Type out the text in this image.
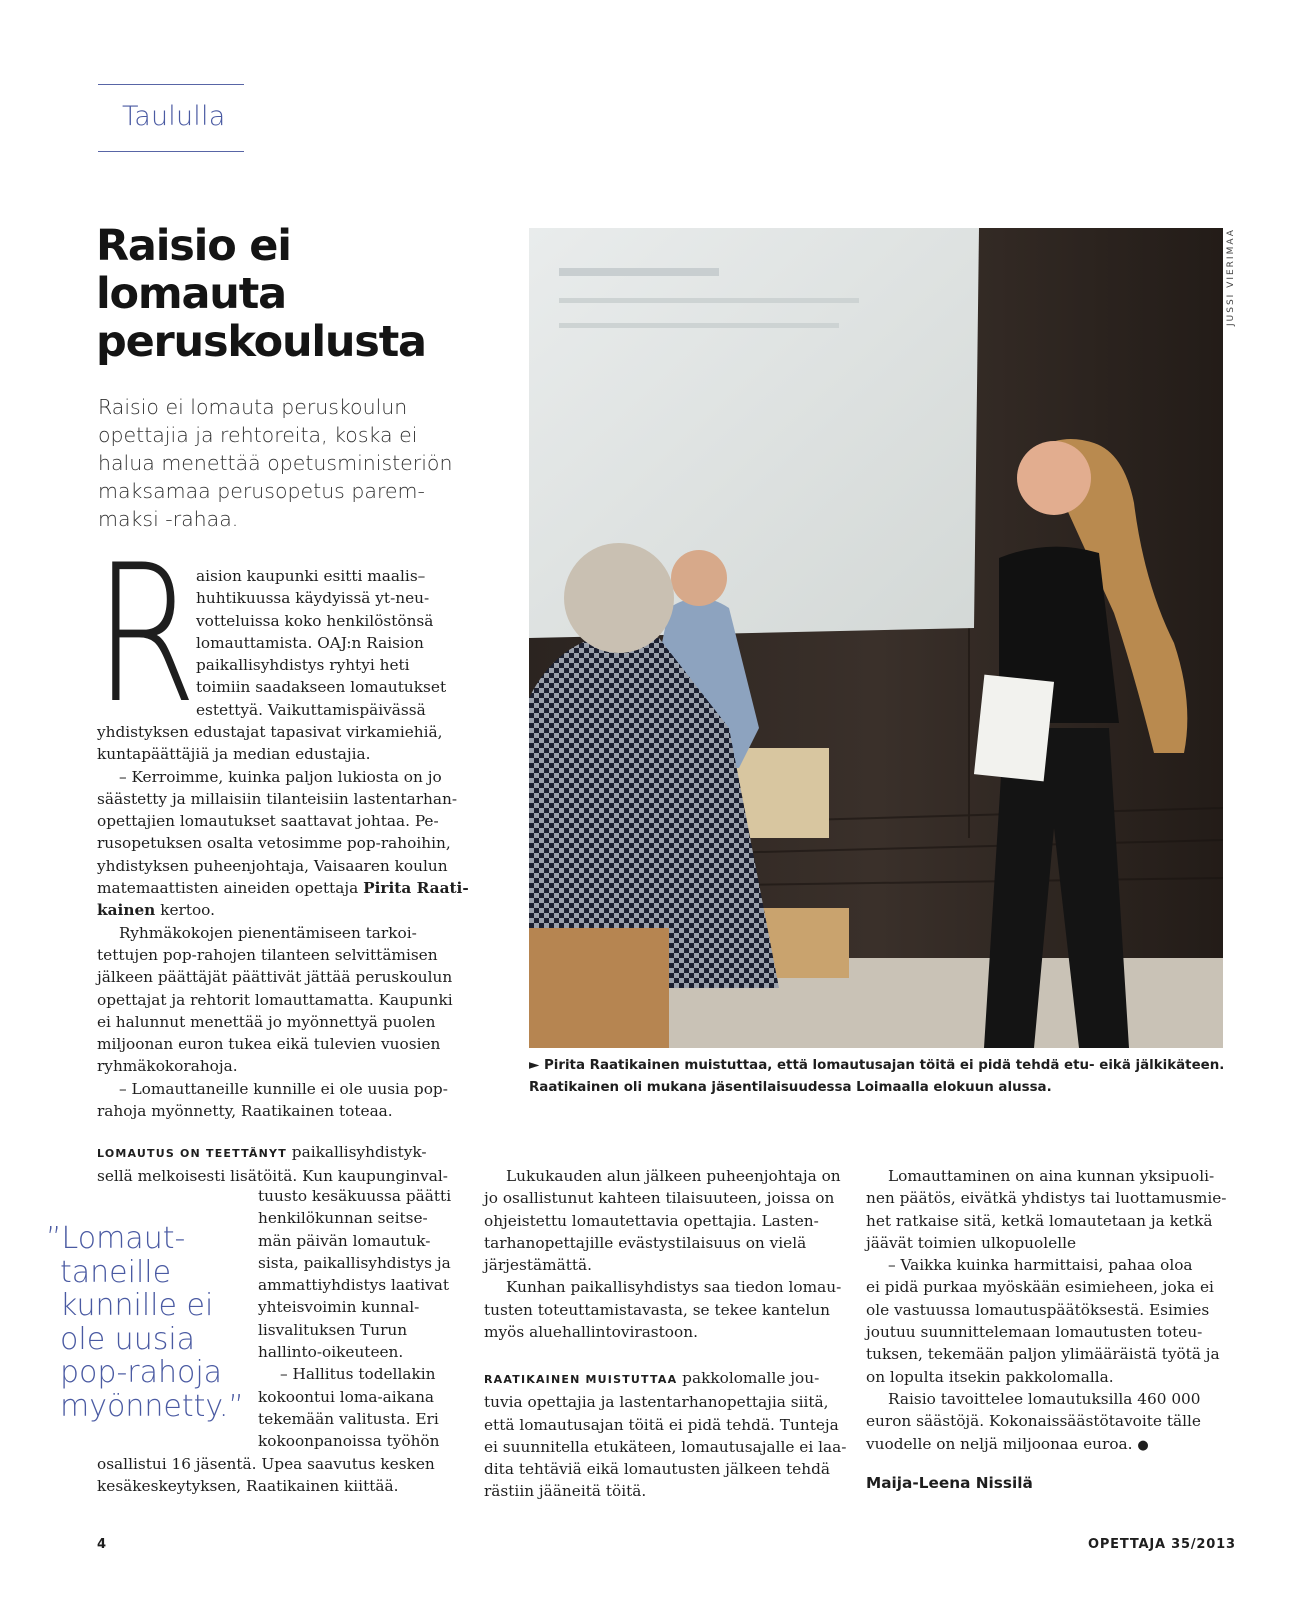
Taululla
Raisio ei
lomauta
peruskoulusta

Raisio ei lomauta peruskoulun
opettajia ja rehtoreita, koska ei
halua menettää opetusministeriön
maksamaa perusopetus parem-
maksi -rahaa.

R aision kaupunki esitti maalis–
huhtikuussa käydyissä yt-neu-
votteluissa koko henkilöstönsä
lomauttamista. OAJ:n Raision
paikallisyhdistys ryhtyi heti
toimiin saadakseen lomautukset
estettyä. Vaikuttamispäivässä
yhdistyksen edustajat tapasivat virkamiehiä,
kuntapäättäjiä ja median edustajia.
– Kerroimme, kuinka paljon lukiosta on jo
säästetty ja millaisiin tilanteisiin lastentarhan-
opettajien lomautukset saattavat johtaa. Pe-
rusopetuksen osalta vetosimme pop-rahoihin,
yhdistyksen puheenjohtaja, Vaisaaren koulun
matemaattisten aineiden opettaja Pirita Raati-
kainen kertoo.
Ryhmäkokojen pienentämiseen tarkoi-
tettujen pop-rahojen tilanteen selvittämisen
jälkeen päättäjät päättivät jättää peruskoulun
opettajat ja rehtorit lomauttamatta. Kaupunki
ei halunnut menettää jo myönnettyä puolen
miljoonan euron tukea eikä tulevien vuosien
ryhmäkokorahoja.
– Lomauttaneille kunnille ei ole uusia pop-
rahoja myönnetty, Raatikainen toteaa.
JUSSI VIERIMAA
► Pirita Raatikainen muistuttaa, että lomautusajan töitä ei pidä tehdä etu- eikä jälkikäteen.
Raatikainen oli mukana jäsentilaisuudessa Loimaalla elokuun alussa.
LOMAUTUS ON TEETTÄNYT paikallisyhdistyk-
sellä melkoisesti lisätöitä. Kun kaupunginval-
tuusto kesäkuussa päätti
henkilökunnan seitse-
män päivän lomautuk-
sista, paikallisyhdistys ja
ammattiyhdistys laativat
yhteisvoimin kunnal-
lisvalituksen Turun
hallinto-oikeuteen.
– Hallitus todellakin
kokoontui loma-aikana
tekemään valitusta. Eri
kokoonpanoissa työhön
osallistui 16 jäsentä. Upea saavutus kesken
kesäkeskeytyksen, Raatikainen kiittää.
”Lomaut-
taneille
kunnille ei
ole uusia
pop-rahoja
myönnetty.”
Lukukauden alun jälkeen puheenjohtaja on
jo osallistunut kahteen tilaisuuteen, joissa on
ohjeistettu lomautettavia opettajia. Lasten-
tarhanopettajille evästystilaisuus on vielä
järjestämättä.
Kunhan paikallisyhdistys saa tiedon lomau-
tusten toteuttamistavasta, se tekee kantelun
myös aluehallintovirastoon.
RAATIKAINEN MUISTUTTAA pakkolomalle jou-
tuvia opettajia ja lastentarhanopettajia siitä,
että lomautusajan töitä ei pidä tehdä. Tunteja
ei suunnitella etukäteen, lomautusajalle ei laa-
dita tehtäviä eikä lomautusten jälkeen tehdä
rästiin jääneitä töitä.
Lomauttaminen on aina kunnan yksipuoli-
nen päätös, eivätkä yhdistys tai luottamusmie-
het ratkaise sitä, ketkä lomautetaan ja ketkä
jäävät toimien ulkopuolelle
– Vaikka kuinka harmittaisi, pahaa oloa
ei pidä purkaa myöskään esimieheen, joka ei
ole vastuussa lomautuspäätöksestä. Esimies
joutuu suunnittelemaan lomautusten toteu-
tuksen, tekemään paljon ylimääräistä työtä ja
on lopulta itsekin pakkolomalla.
Raisio tavoittelee lomautuksilla 460 000
euron säästöjä. Kokonaissäästötavoite tälle
vuodelle on neljä miljoonaa euroa. ●
Maija-Leena Nissilä
4	OPETTAJA 35/2013
